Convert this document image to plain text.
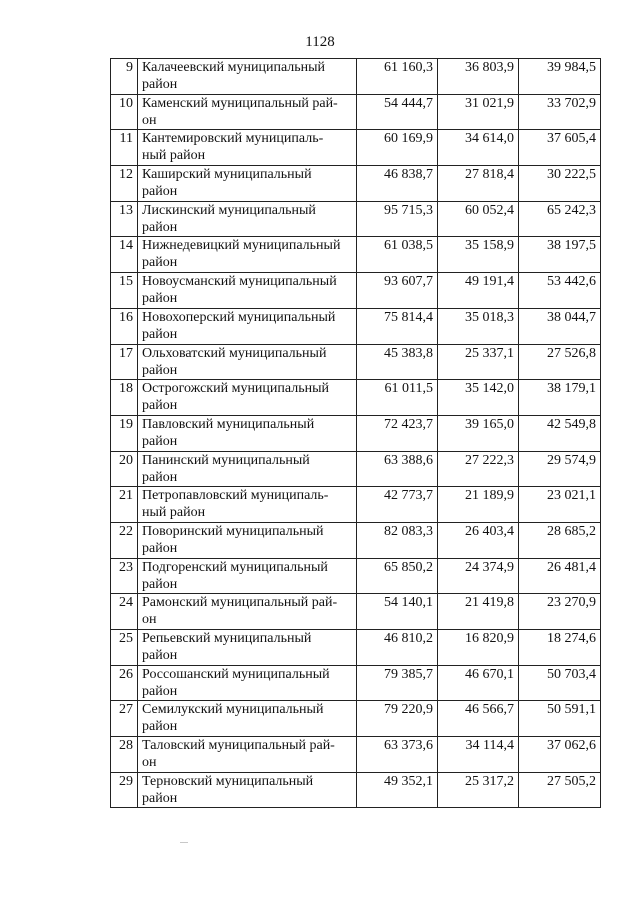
1128
9	Калачеевский муниципальный
район	61 160,3	36 803,9	39 984,5
10	Каменский муниципальный рай-
он	54 444,7	31 021,9	33 702,9
11	Кантемировский муниципаль-
ный район	60 169,9	34 614,0	37 605,4
12	Каширский муниципальный
район	46 838,7	27 818,4	30 222,5
13	Лискинский муниципальный
район	95 715,3	60 052,4	65 242,3
14	Нижнедевицкий муниципальный
район	61 038,5	35 158,9	38 197,5
15	Новоусманский муниципальный
район	93 607,7	49 191,4	53 442,6
16	Новохоперский муниципальный
район	75 814,4	35 018,3	38 044,7
17	Ольховатский муниципальный
район	45 383,8	25 337,1	27 526,8
18	Острогожский муниципальный
район	61 011,5	35 142,0	38 179,1
19	Павловский муниципальный
район	72 423,7	39 165,0	42 549,8
20	Панинский муниципальный
район	63 388,6	27 222,3	29 574,9
21	Петропавловский муниципаль-
ный район	42 773,7	21 189,9	23 021,1
22	Поворинский муниципальный
район	82 083,3	26 403,4	28 685,2
23	Подгоренский муниципальный
район	65 850,2	24 374,9	26 481,4
24	Рамонский муниципальный рай-
он	54 140,1	21 419,8	23 270,9
25	Репьевский муниципальный
район	46 810,2	16 820,9	18 274,6
26	Россошанский муниципальный
район	79 385,7	46 670,1	50 703,4
27	Семилукский муниципальный
район	79 220,9	46 566,7	50 591,1
28	Таловский муниципальный рай-
он	63 373,6	34 114,4	37 062,6
29	Терновский муниципальный
район	49 352,1	25 317,2	27 505,2
